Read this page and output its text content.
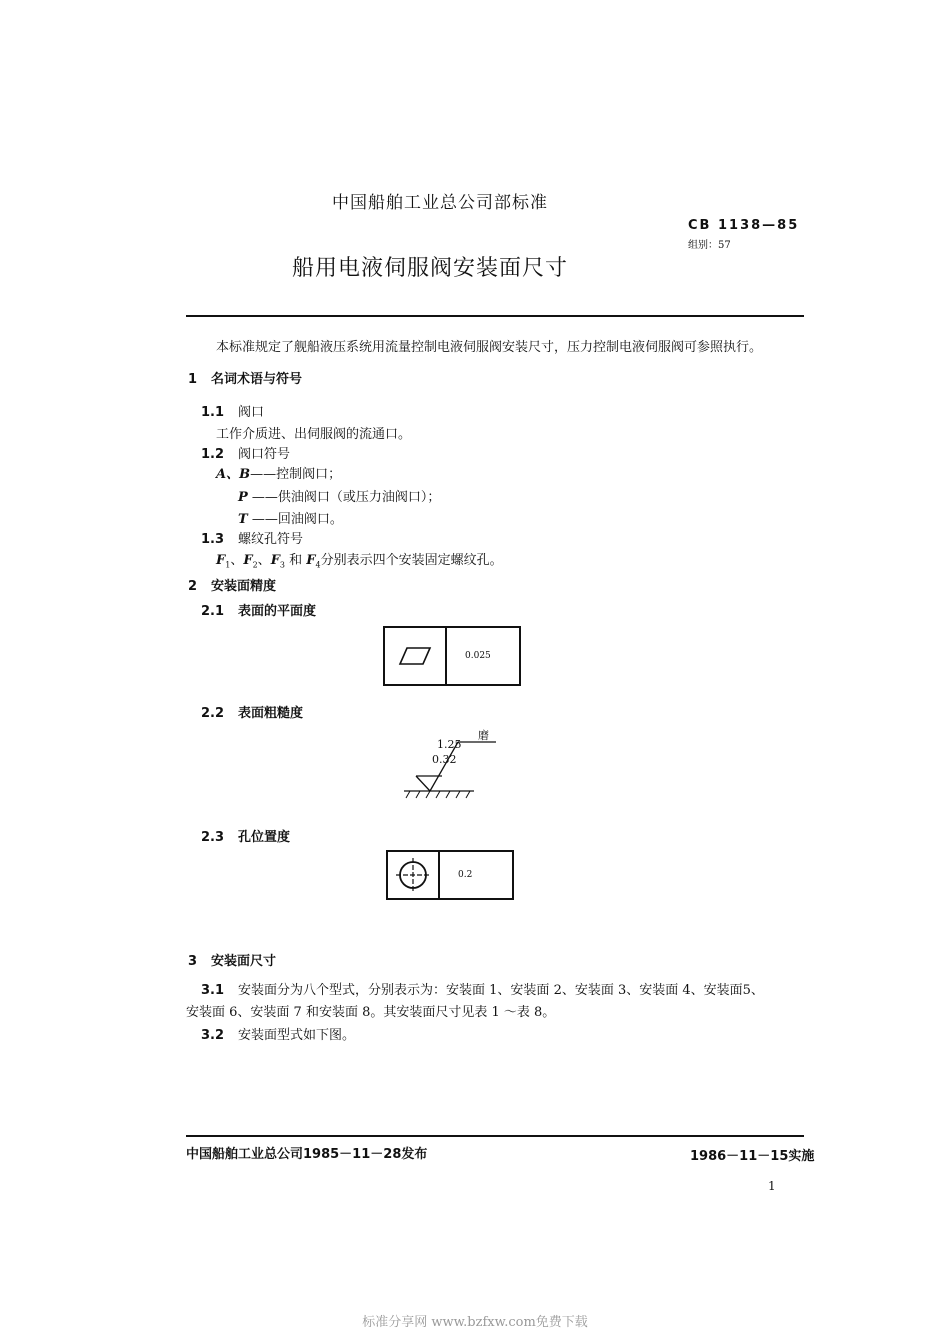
中国船舶工业总公司部标准
CB 1138—85
组别：57
船用电液伺服阀安装面尺寸
本标准规定了舰船液压系统用流量控制电液伺服阀安装尺寸，压力控制电液伺服阀可参照执行。
1 名词术语与符号
1.1 阀口
工作介质进、出伺服阀的流通口。
1.2 阀口符号
A、B——控制阀口；
P ——供油阀口（或压力油阀口）；
T ——回油阀口。
1.3 螺纹孔符号
$F_1$、$F_2$、$F_3$ 和 $F_4$分别表示四个安装固定螺纹孔。
2 安装面精度
2.1 表面的平面度
0.025
2.2 表面粗糙度
1.25
0.32
磨
2.3 孔位置度
0.2
3 安装面尺寸
3.1 安装面分为八个型式，分别表示为：安装面 1、安装面 2、安装面 3、安装面 4、安装面5、
安装面 6、安装面 7 和安装面 8。其安装面尺寸见表 1 ～表 8。
3.2 安装面型式如下图。
中国船舶工业总公司1985－11－28发布	1986－11－15实施
1
标准分享网 www.bzfxw.com免费下载
